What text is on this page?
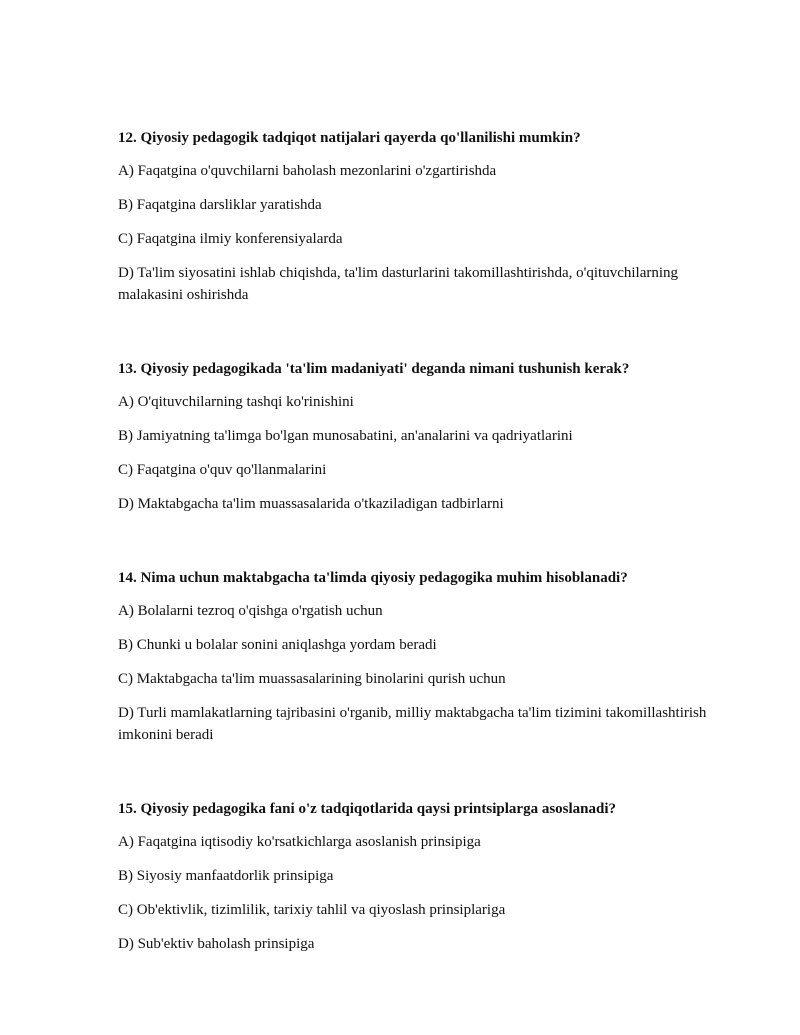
12. Qiyosiy pedagogik tadqiqot natijalari qayerda qo'llanilishi mumkin?
A) Faqatgina o'quvchilarni baholash mezonlarini o'zgartirishda
B) Faqatgina darsliklar yaratishda
C) Faqatgina ilmiy konferensiyalarda
D) Ta'lim siyosatini ishlab chiqishda, ta'lim dasturlarini takomillashtirishda, o'qituvchilarning malakasini oshirishda
13. Qiyosiy pedagogikada 'ta'lim madaniyati' deganda nimani tushunish kerak?
A) O'qituvchilarning tashqi ko'rinishini
B) Jamiyatning ta'limga bo'lgan munosabatini, an'analarini va qadriyatlarini
C) Faqatgina o'quv qo'llanmalarini
D) Maktabgacha ta'lim muassasalarida o'tkaziladigan tadbirlarni
14. Nima uchun maktabgacha ta'limda qiyosiy pedagogika muhim hisoblanadi?
A) Bolalarni tezroq o'qishga o'rgatish uchun
B) Chunki u bolalar sonini aniqlashga yordam beradi
C) Maktabgacha ta'lim muassasalarining binolarini qurish uchun
D) Turli mamlakatlarning tajribasini o'rganib, milliy maktabgacha ta'lim tizimini takomillashtirish imkonini beradi
15. Qiyosiy pedagogika fani o'z tadqiqotlarida qaysi printsiplarga asoslanadi?
A) Faqatgina iqtisodiy ko'rsatkichlarga asoslanish prinsipiga
B) Siyosiy manfaatdorlik prinsipiga
C) Ob'ektivlik, tizimlilik, tarixiy tahlil va qiyoslash prinsiplariga
D) Sub'ektiv baholash prinsipiga
